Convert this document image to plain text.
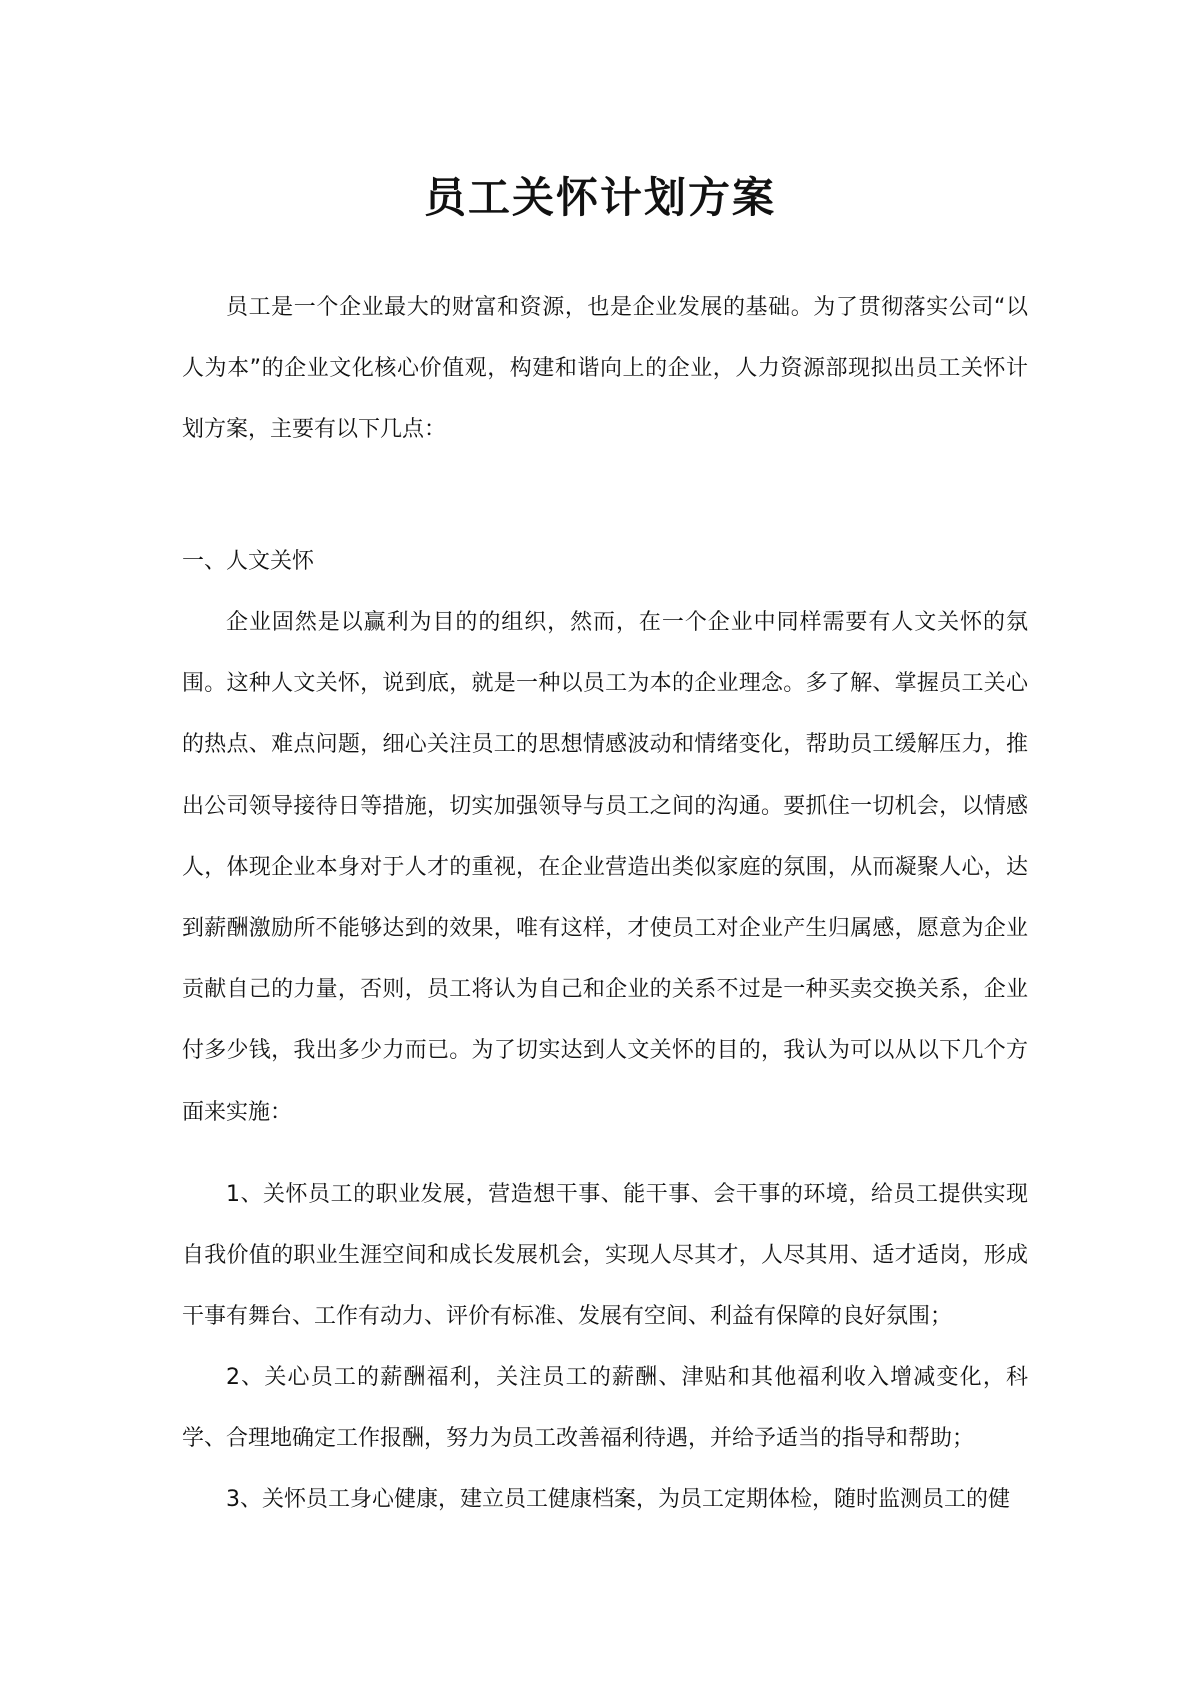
员工关怀计划方案

员工是一个企业最大的财富和资源，也是企业发展的基础。为了贯彻落实公司“以人为本”的企业文化核心价值观，构建和谐向上的企业，人力资源部现拟出员工关怀计划方案，主要有以下几点：

一、人文关怀

企业固然是以赢利为目的的组织，然而，在一个企业中同样需要有人文关怀的氛围。这种人文关怀，说到底，就是一种以员工为本的企业理念。多了解、掌握员工关心的热点、难点问题，细心关注员工的思想情感波动和情绪变化，帮助员工缓解压力，推出公司领导接待日等措施，切实加强领导与员工之间的沟通。要抓住一切机会，以情感人，体现企业本身对于人才的重视，在企业营造出类似家庭的氛围，从而凝聚人心，达到薪酬激励所不能够达到的效果，唯有这样，才使员工对企业产生归属感，愿意为企业贡献自己的力量，否则，员工将认为自己和企业的关系不过是一种买卖交换关系，企业付多少钱，我出多少力而已。为了切实达到人文关怀的目的，我认为可以从以下几个方面来实施：

1、关怀员工的职业发展，营造想干事、能干事、会干事的环境，给员工提供实现自我价值的职业生涯空间和成长发展机会，实现人尽其才，人尽其用、适才适岗，形成干事有舞台、工作有动力、评价有标准、发展有空间、利益有保障的良好氛围；

2、关心员工的薪酬福利，关注员工的薪酬、津贴和其他福利收入增减变化，科学、合理地确定工作报酬，努力为员工改善福利待遇，并给予适当的指导和帮助；

3、关怀员工身心健康，建立员工健康档案，为员工定期体检，随时监测员工的健
